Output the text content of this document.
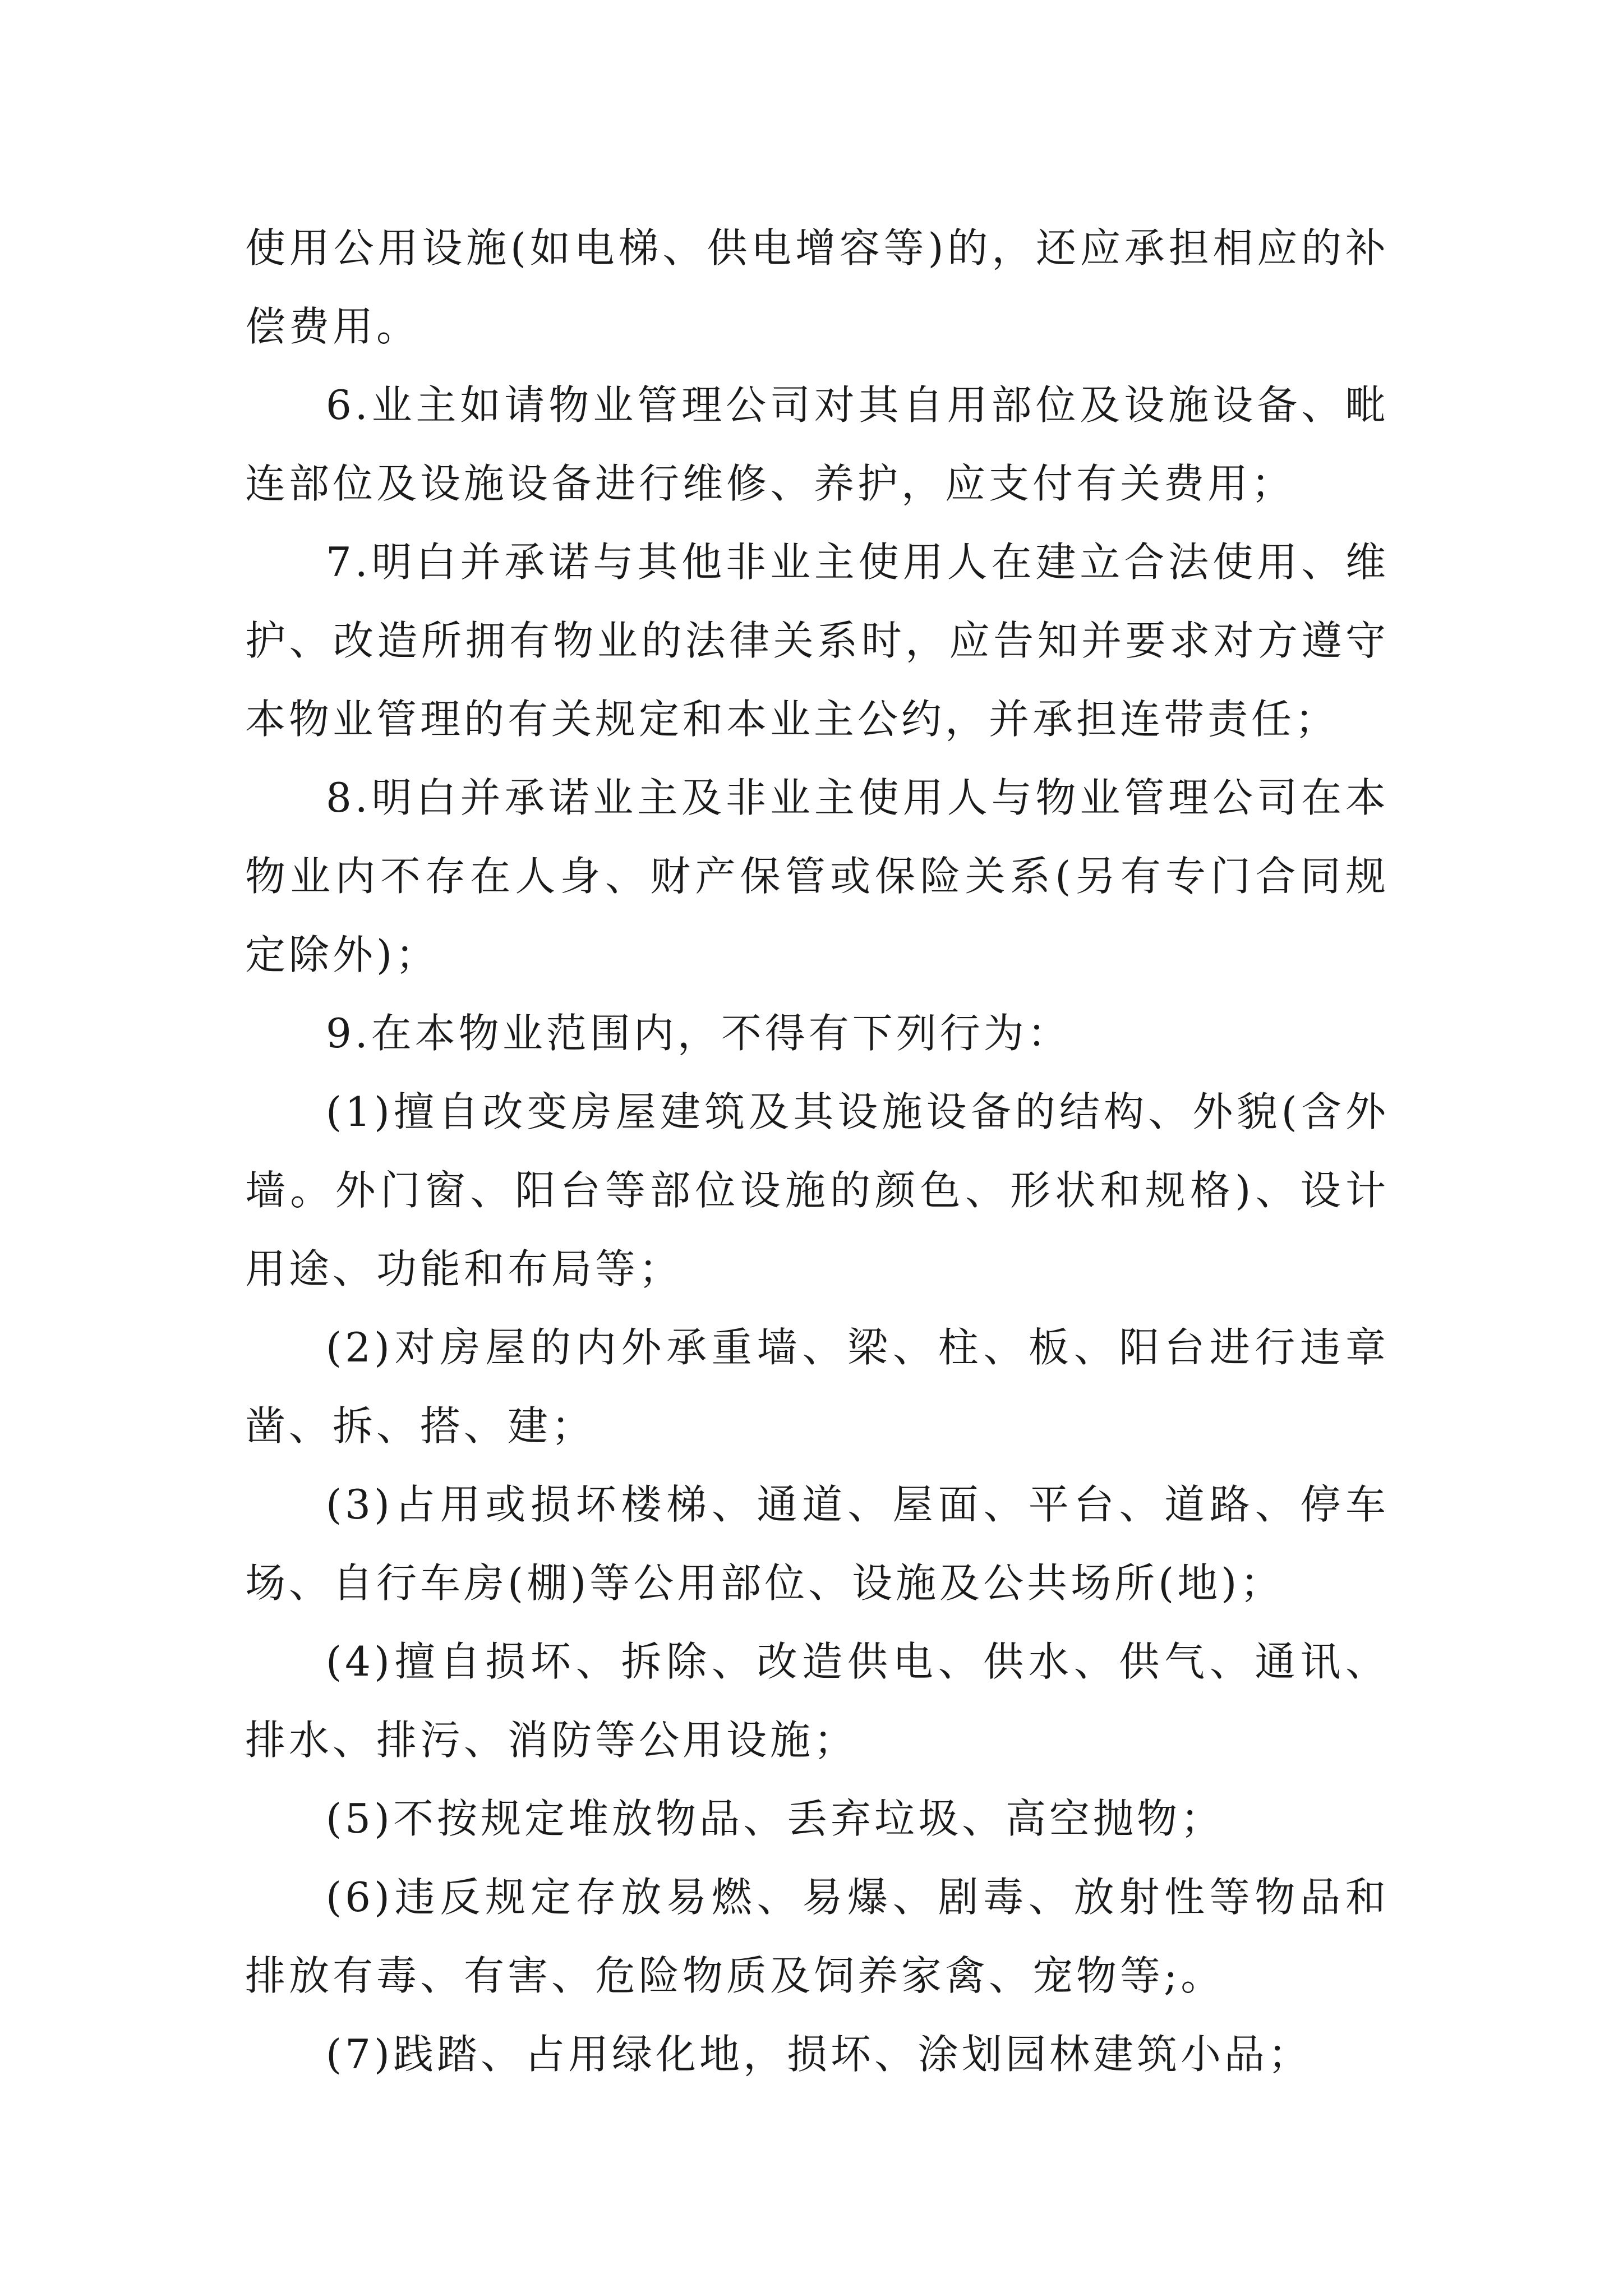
使用公用设施(如电梯、供电增容等)的，还应承担相应的补偿费用。

6.业主如请物业管理公司对其自用部位及设施设备、毗连部位及设施设备进行维修、养护，应支付有关费用；

7.明白并承诺与其他非业主使用人在建立合法使用、维护、改造所拥有物业的法律关系时，应告知并要求对方遵守本物业管理的有关规定和本业主公约，并承担连带责任；

8.明白并承诺业主及非业主使用人与物业管理公司在本物业内不存在人身、财产保管或保险关系(另有专门合同规定除外)；

9.在本物业范围内，不得有下列行为：

(1)擅自改变房屋建筑及其设施设备的结构、外貌(含外墙。外门窗、阳台等部位设施的颜色、形状和规格)、设计用途、功能和布局等；

(2)对房屋的内外承重墙、梁、柱、板、阳台进行违章凿、拆、搭、建；

(3)占用或损坏楼梯、通道、屋面、平台、道路、停车场、自行车房(棚)等公用部位、设施及公共场所(地)；

(4)擅自损坏、拆除、改造供电、供水、供气、通讯、排水、排污、消防等公用设施；

(5)不按规定堆放物品、丢弃垃圾、高空抛物；

(6)违反规定存放易燃、易爆、剧毒、放射性等物品和排放有毒、有害、危险物质及饲养家禽、宠物等;。

(7)践踏、占用绿化地，损坏、涂划园林建筑小品；
